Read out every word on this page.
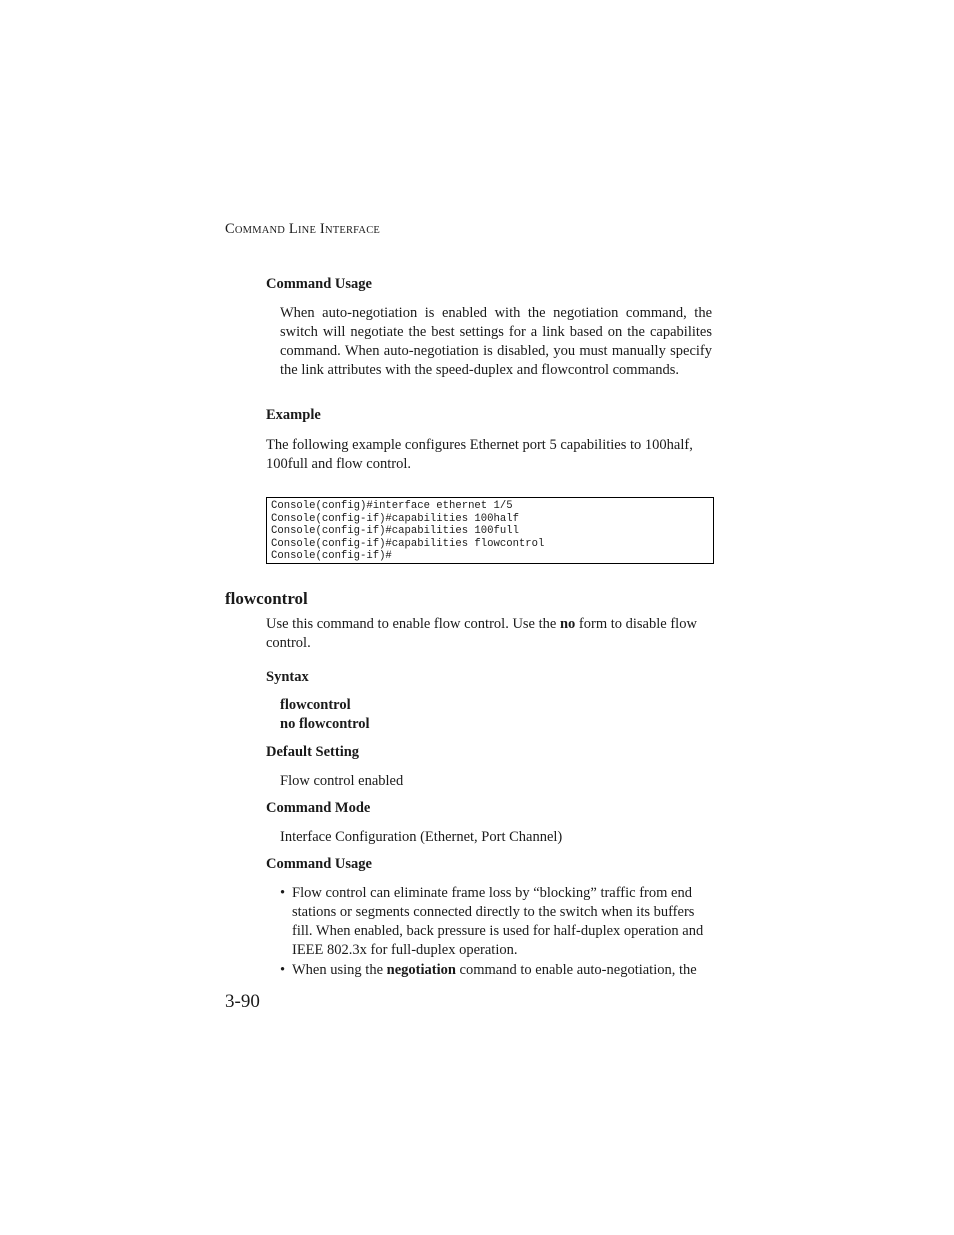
COMMAND LINE INTERFACE
Command Usage
When auto-negotiation is enabled with the negotiation command, the switch will negotiate the best settings for a link based on the capabilites command. When auto-negotiation is disabled, you must manually specify the link attributes with the speed-duplex and flowcontrol commands.
Example
The following example configures Ethernet port 5 capabilities to 100half, 100full and flow control.
Console(config)#interface ethernet 1/5
Console(config-if)#capabilities 100half
Console(config-if)#capabilities 100full
Console(config-if)#capabilities flowcontrol
Console(config-if)#
flowcontrol
Use this command to enable flow control. Use the no form to disable flow control.
Syntax
flowcontrol
no flowcontrol
Default Setting
Flow control enabled
Command Mode
Interface Configuration (Ethernet, Port Channel)
Command Usage
• Flow control can eliminate frame loss by “blocking” traffic from end stations or segments connected directly to the switch when its buffers fill. When enabled, back pressure is used for half-duplex operation and IEEE 802.3x for full-duplex operation.
• When using the negotiation command to enable auto-negotiation, the
3-90
